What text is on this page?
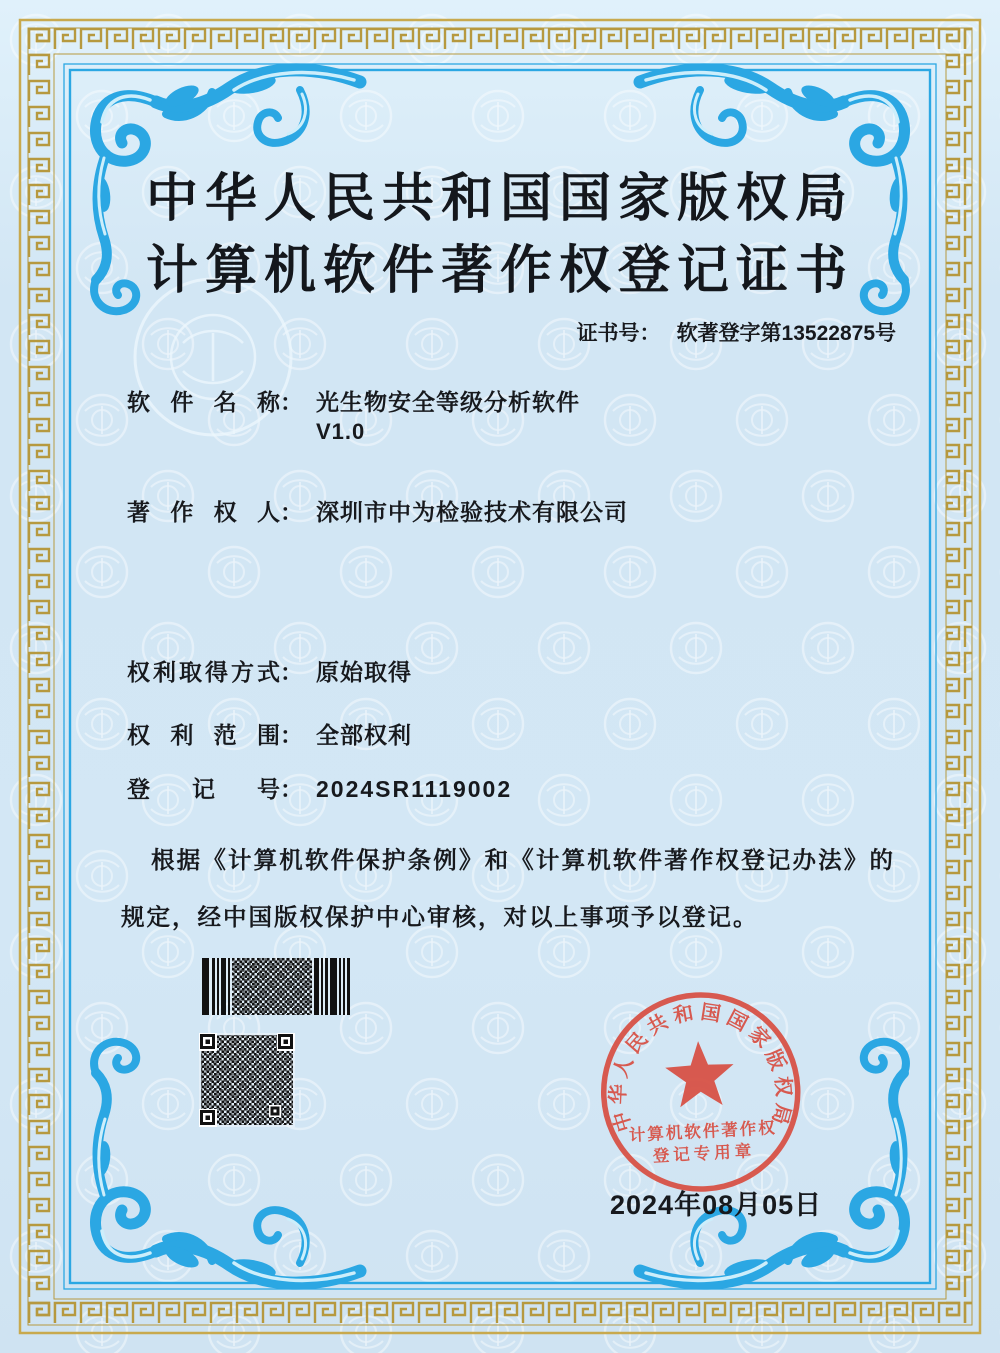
中华人民共和国国家版权局
计算机软件著作权登记证书
证书号： 软著登字第13522875号
软件名称： 光生物安全等级分析软件
V1.0
著作权人： 深圳市中为检验技术有限公司
权利取得方式： 原始取得
权利范围： 全部权利
登记号： 2024SR1119002
根据《计算机软件保护条例》和《计算机软件著作权登记办法》的规定，经中国版权保护中心审核，对以上事项予以登记。
中华人民共和国国家版权局
计算机软件著作权
登记专用章
2024年08月05日
